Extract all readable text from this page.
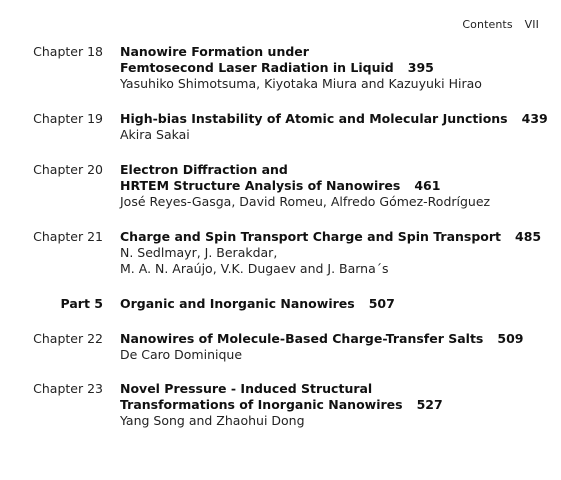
Contents VII
Chapter 18 Nanowire Formation under
Femtosecond Laser Radiation in Liquid 395
Yasuhiko Shimotsuma, Kiyotaka Miura and Kazuyuki Hirao
Chapter 19 High-bias Instability of Atomic and Molecular Junctions 439
Akira Sakai
Chapter 20 Electron Diffraction and
HRTEM Structure Analysis of Nanowires 461
José Reyes-Gasga, David Romeu, Alfredo Gómez-Rodríguez
Chapter 21 Charge and Spin Transport Charge and Spin Transport 485
N. Sedlmayr, J. Berakdar,
M. A. N. Araújo, V.K. Dugaev and J. Barna´s
Part 5 Organic and Inorganic Nanowires 507
Chapter 22 Nanowires of Molecule-Based Charge-Transfer Salts 509
De Caro Dominique
Chapter 23 Novel Pressure - Induced Structural
Transformations of Inorganic Nanowires 527
Yang Song and Zhaohui Dong
